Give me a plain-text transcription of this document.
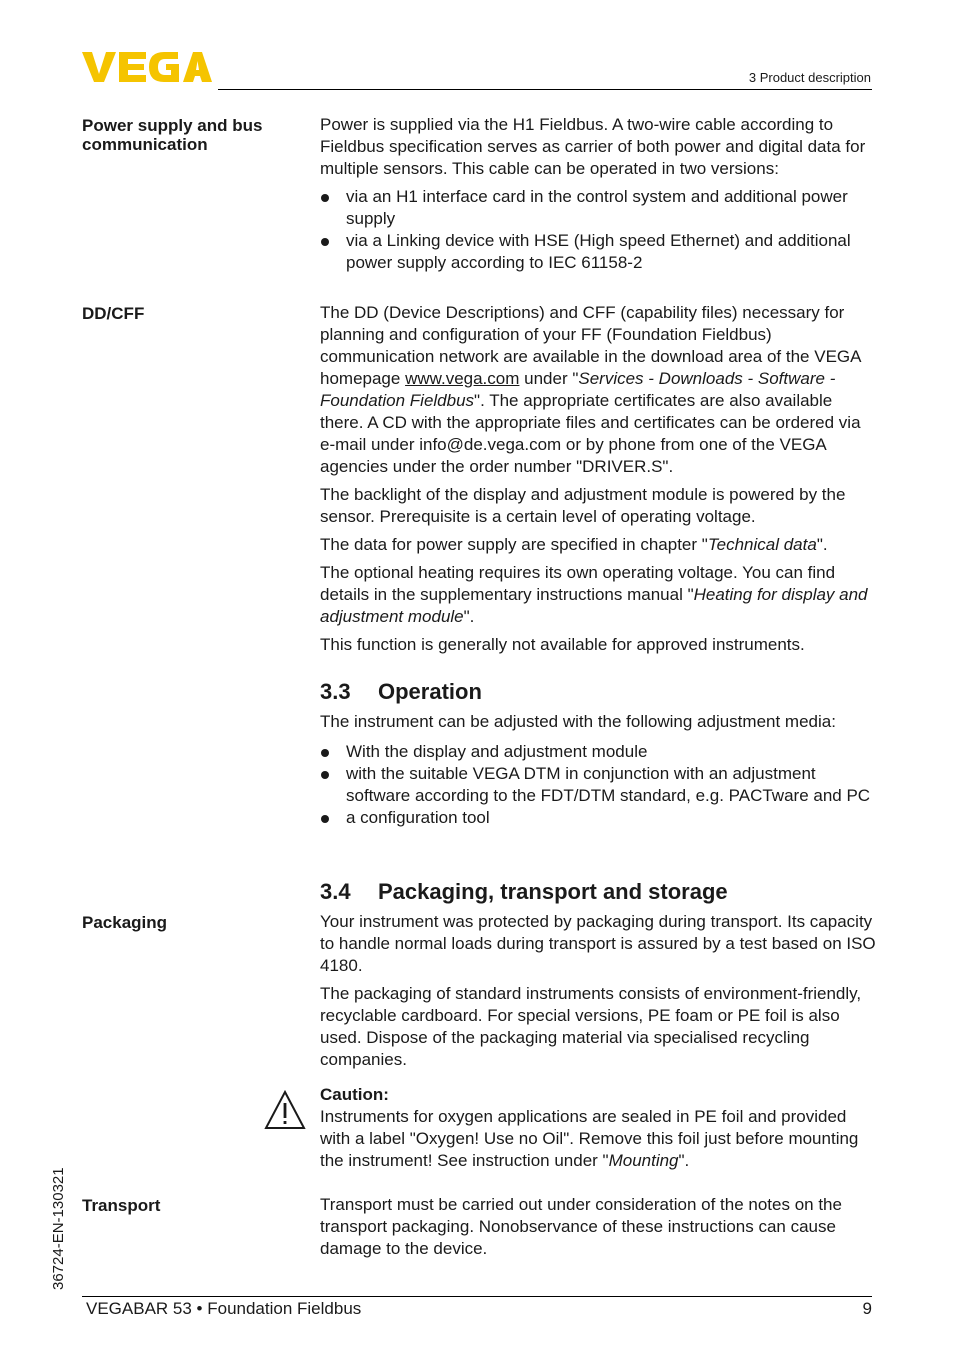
3 Product description
Power supply and bus communication

Power is supplied via the H1 Fieldbus. A two-wire cable according to Fieldbus specification serves as carrier of both power and digital data for multiple sensors. This cable can be operated in two versions:

via an H1 interface card in the control system and additional power supply
via a Linking device with HSE (High speed Ethernet) and additional power supply according to IEC 61158-2
DD/CFF	The DD (Device Descriptions) and CFF (capability files) necessary for planning and configuration of your FF (Foundation Fieldbus) communication network are available in the download area of the VEGA homepage www.vega.com under "Services - Downloads - Software - Foundation Fieldbus". The appropriate certificates are also available there. A CD with the appropriate files and certificates can be ordered via e-mail under info@de.vega.com or by phone from one of the VEGA agencies under the order number "DRIVER.S".

The backlight of the display and adjustment module is powered by the sensor. Prerequisite is a certain level of operating voltage.

The data for power supply are specified in chapter "Technical data".

The optional heating requires its own operating voltage. You can find details in the supplementary instructions manual "Heating for display and adjustment module".

This function is generally not available for approved instruments.

3.3 Operation

The instrument can be adjusted with the following adjustment media:

With the display and adjustment module
with the suitable VEGA DTM in conjunction with an adjustment software according to the FDT/DTM standard, e.g. PACTware and PC
a configuration tool
3.4 Packaging, transport and storage
Packaging	Your instrument was protected by packaging during transport. Its capacity to handle normal loads during transport is assured by a test based on ISO 4180.

The packaging of standard instruments consists of environment-friendly, recyclable cardboard. For special versions, PE foam or PE foil is also used. Dispose of the packaging material via specialised recycling companies.

Caution:

Instruments for oxygen applications are sealed in PE foil and provided with a label "Oxygen! Use no Oil". Remove this foil just before mounting the instrument! See instruction under "Mounting".

Transport	Transport must be carried out under consideration of the notes on the transport packaging. Nonobservance of these instructions can cause damage to the device.

36724-EN-130321
VEGABAR 53 • Foundation Fieldbus	9
